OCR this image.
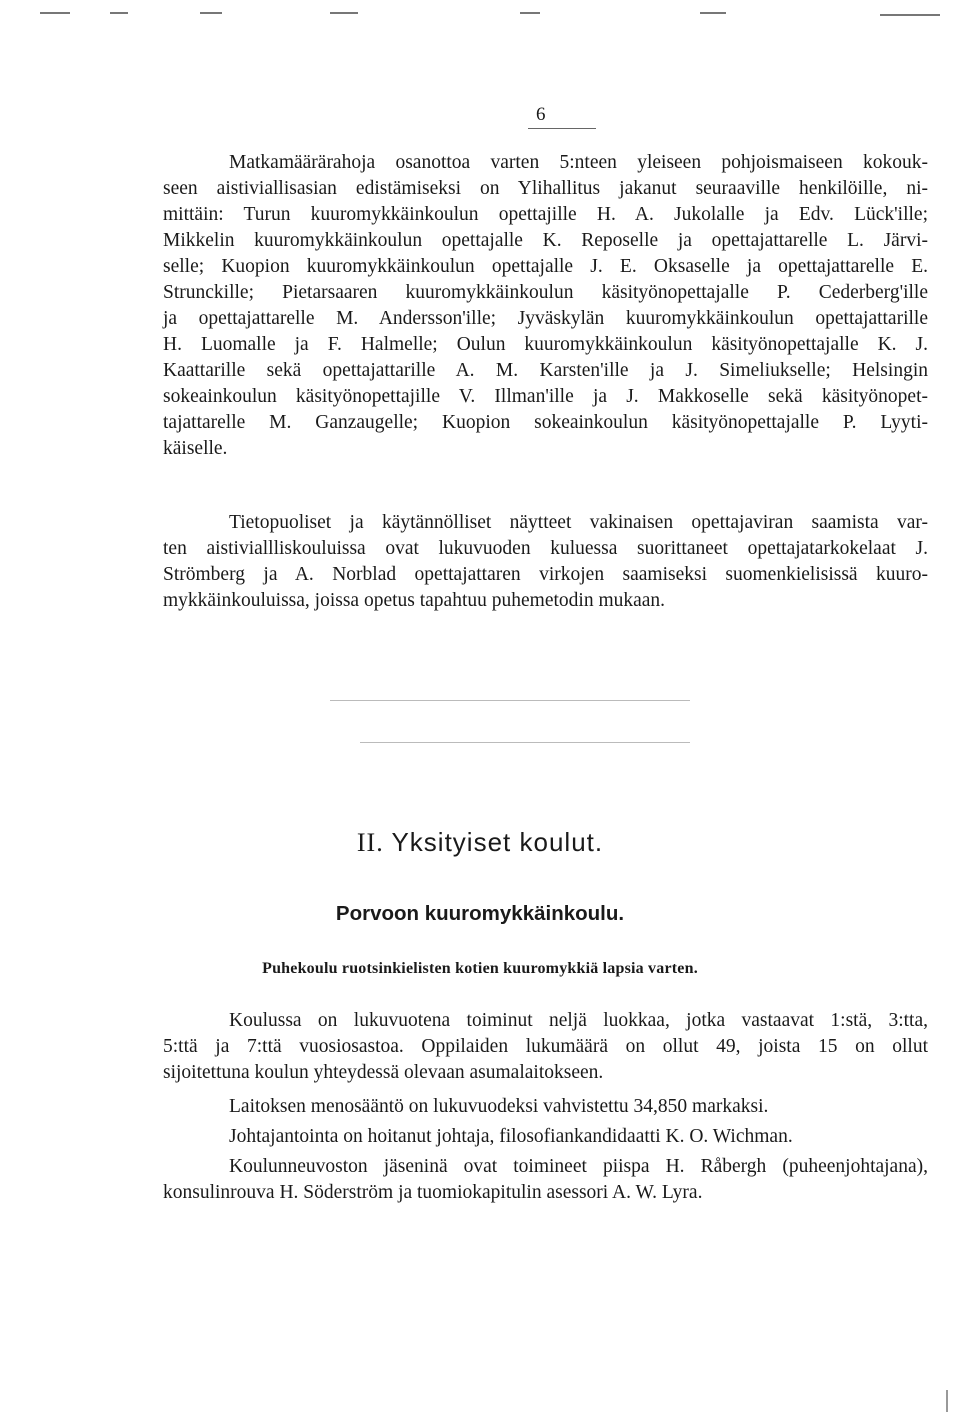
6
Matkamäärärahoja osanottoa varten 5:nteen yleiseen pohjoismaiseen kokouk-
seen aistiviallisasian edistämiseksi on Ylihallitus jakanut seuraaville henkilöille, ni-
mittäin: Turun kuuromykkäinkoulun opettajille H. A. Jukolalle ja Edv. Lück'ille;
Mikkelin kuuromykkäinkoulun opettajalle K. Reposelle ja opettajattarelle L. Järvi-
selle; Kuopion kuuromykkäinkoulun opettajalle J. E. Oksaselle ja opettajattarelle E.
Strunckille; Pietarsaaren kuuromykkäinkoulun käsityönopettajalle P. Cederberg'ille
ja opettajattarelle M. Andersson'ille; Jyväskylän kuuromykkäinkoulun opettajattarille
H. Luomalle ja F. Halmelle; Oulun kuuromykkäinkoulun käsityönopettajalle K. J.
Kaattarille sekä opettajattarille A. M. Karsten'ille ja J. Simeliukselle; Helsingin
sokeainkoulun käsityönopettajille V. Illman'ille ja J. Makkoselle sekä käsityönopet-
tajattarelle M. Ganzaugelle; Kuopion sokeainkoulun käsityönopettajalle P. Lyyti-
käiselle.
Tietopuoliset ja käytännölliset näytteet vakinaisen opettajaviran saamista var-
ten aistiviallliskouluissa ovat lukuvuoden kuluessa suorittaneet opettajatarkokelaat J.
Strömberg ja A. Norblad opettajattaren virkojen saamiseksi suomenkielisissä kuuro-
mykkäinkouluissa, joissa opetus tapahtuu puhemetodin mukaan.
II. Yksityiset koulut.
Porvoon kuuromykkäinkoulu.
Puhekoulu ruotsinkielisten kotien kuuromykkiä lapsia varten.
Koulussa on lukuvuotena toiminut neljä luokkaa, jotka vastaavat 1:stä, 3:tta,
5:ttä ja 7:ttä vuosiosastoa. Oppilaiden lukumäärä on ollut 49, joista 15 on ollut
sijoitettuna koulun yhteydessä olevaan asumalaitokseen.
Laitoksen menosääntö on lukuvuodeksi vahvistettu 34,850 markaksi.
Johtajantointa on hoitanut johtaja, filosofiankandidaatti K. O. Wichman.
Koulunneuvoston jäseninä ovat toimineet piispa H. Råbergh (puheenjohtajana),
konsulinrouva H. Söderström ja tuomiokapitulin asessori A. W. Lyra.
